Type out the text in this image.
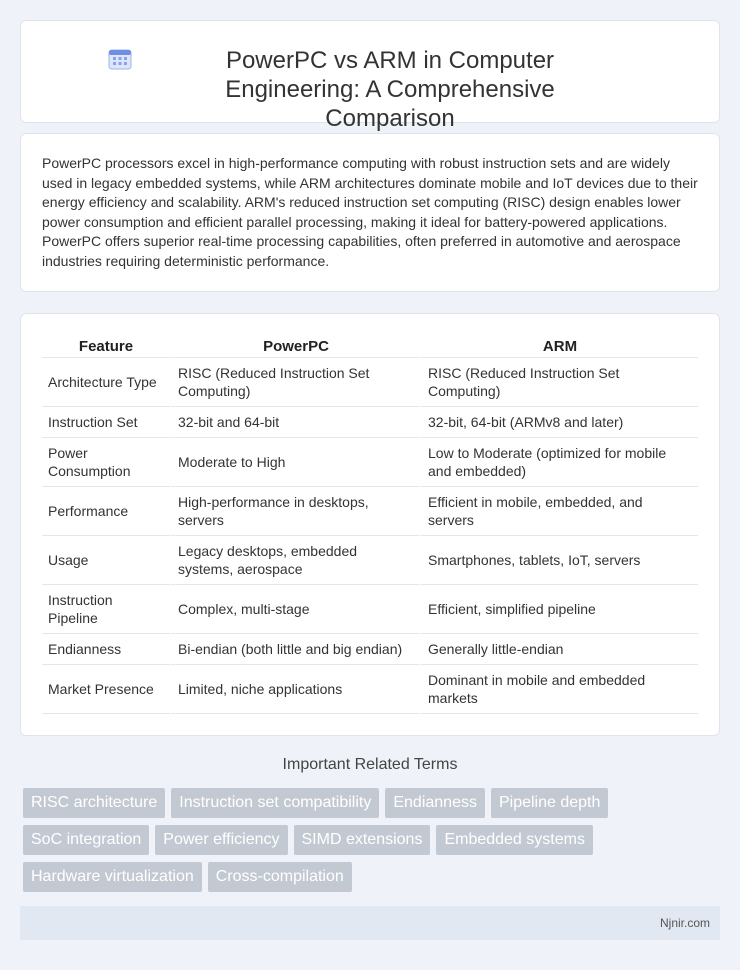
PowerPC vs ARM in Computer Engineering: A Comprehensive Comparison

PowerPC processors excel in high-performance computing with robust instruction sets and are widely used in legacy embedded systems, while ARM architectures dominate mobile and IoT devices due to their energy efficiency and scalability. ARM's reduced instruction set computing (RISC) design enables lower power consumption and efficient parallel processing, making it ideal for battery-powered applications. PowerPC offers superior real-time processing capabilities, often preferred in automotive and aerospace industries requiring deterministic performance.

Feature	PowerPC	ARM
Architecture Type	RISC (Reduced Instruction Set Computing)	RISC (Reduced Instruction Set Computing)
Instruction Set	32-bit and 64-bit	32-bit, 64-bit (ARMv8 and later)
Power Consumption	Moderate to High	Low to Moderate (optimized for mobile and embedded)
Performance	High-performance in desktops, servers	Efficient in mobile, embedded, and servers
Usage	Legacy desktops, embedded systems, aerospace	Smartphones, tablets, IoT, servers
Instruction Pipeline	Complex, multi-stage	Efficient, simplified pipeline
Endianness	Bi-endian (both little and big endian)	Generally little-endian
Market Presence	Limited, niche applications	Dominant in mobile and embedded markets
Important Related Terms
RISC architecture	Instruction set compatibility	Endianness	Pipeline depth
SoC integration	Power efficiency	SIMD extensions	Embedded systems
Hardware virtualization	Cross-compilation
Njnir.com
